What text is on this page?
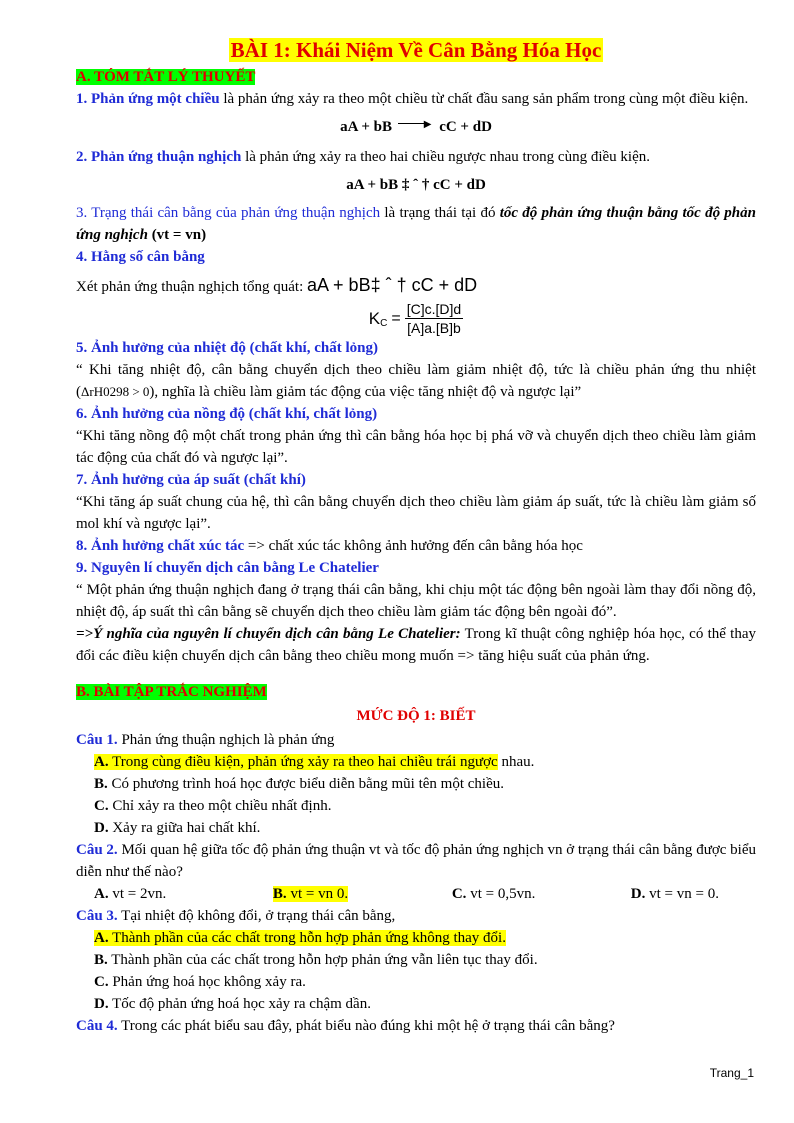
BÀI 1: Khái Niệm Về Cân Bằng Hóa Học
A. TÓM TẮT LÝ THUYẾT

1. Phản ứng một chiều là phản ứng xảy ra theo một chiều từ chất đầu sang sản phẩm trong cùng một điều kiện.

aA + bB	▶ cC + dD

2. Phản ứng thuận nghịch là phản ứng xảy ra theo hai chiều ngược nhau trong cùng điều kiện.

aA + bB ‡ ˆ † cC + dD

3. Trạng thái cân bằng của phản ứng thuận nghịch là trạng thái tại đó tốc độ phản ứng thuận bằng tốc độ phản ứng nghịch (vt = vn)

4. Hằng số cân bằng

Xét phản ứng thuận nghịch tổng quát: aA + bB‡ ˆ † cC + dD

K $C = \frac{[C]c.[D]d}{[A]a.[B]b}$

5. Ảnh hưởng của nhiệt độ (chất khí, chất lỏng)

“ Khi tăng nhiệt độ, cân bằng chuyển dịch theo chiều làm giảm nhiệt độ, tức là chiều phản ứng thu nhiệt (ΔrH0298 > 0), nghĩa là chiều làm giảm tác động của việc tăng nhiệt độ và ngược lại”

6. Ảnh hưởng của nồng độ (chất khí, chất lỏng)

“Khi tăng nồng độ một chất trong phản ứng thì cân bằng hóa học bị phá vỡ và chuyển dịch theo chiều làm giảm tác động của chất đó và ngược lại”.

7. Ảnh hưởng của áp suất (chất khí)

“Khi tăng áp suất chung của hệ, thì cân bằng chuyển dịch theo chiều làm giảm áp suất, tức là chiều làm giảm số mol khí và ngược lại”.

8. Ảnh hưởng chất xúc tác => chất xúc tác không ảnh hưởng đến cân bằng hóa học

9. Nguyên lí chuyển dịch cân bằng Le Chatelier

“ Một phản ứng thuận nghịch đang ở trạng thái cân bằng, khi chịu một tác động bên ngoài làm thay đổi nồng độ, nhiệt độ, áp suất thì cân bằng sẽ chuyển dịch theo chiều làm giảm tác động bên ngoài đó”.

=>Ý nghĩa của nguyên lí chuyển dịch cân bằng Le Chatelier: Trong kĩ thuật công nghiệp hóa học, có thể thay đổi các điều kiện chuyển dịch cân bằng theo chiều mong muốn => tăng hiệu suất của phản ứng.

B. BÀI TẬP TRẮC NGHIỆM
MỨC ĐỘ 1: BIẾT

Câu 1. Phản ứng thuận nghịch là phản ứng

A. Trong cùng điều kiện, phản ứng xảy ra theo hai chiều trái ngược nhau.
B. Có phương trình hoá học được biểu diễn bằng mũi tên một chiều.
C. Chỉ xảy ra theo một chiều nhất định.
D. Xảy ra giữa hai chất khí.

Câu 2. Mối quan hệ giữa tốc độ phản ứng thuận vt và tốc độ phản ứng nghịch vn ở trạng thái cân bằng được biểu diễn như thế nào?

A. vt = 2vn.	B. vt = vn 0.	C. vt = 0,5vn.	D. vt = vn = 0.

Câu 3. Tại nhiệt độ không đổi, ở trạng thái cân bằng,

A. Thành phần của các chất trong hỗn hợp phản ứng không thay đổi.
B. Thành phần của các chất trong hỗn hợp phản ứng vẫn liên tục thay đổi.
C. Phản ứng hoá học không xảy ra.
D. Tốc độ phản ứng hoá học xảy ra chậm dần.

Câu 4. Trong các phát biểu sau đây, phát biểu nào đúng khi một hệ ở trạng thái cân bằng?

Trang_1
